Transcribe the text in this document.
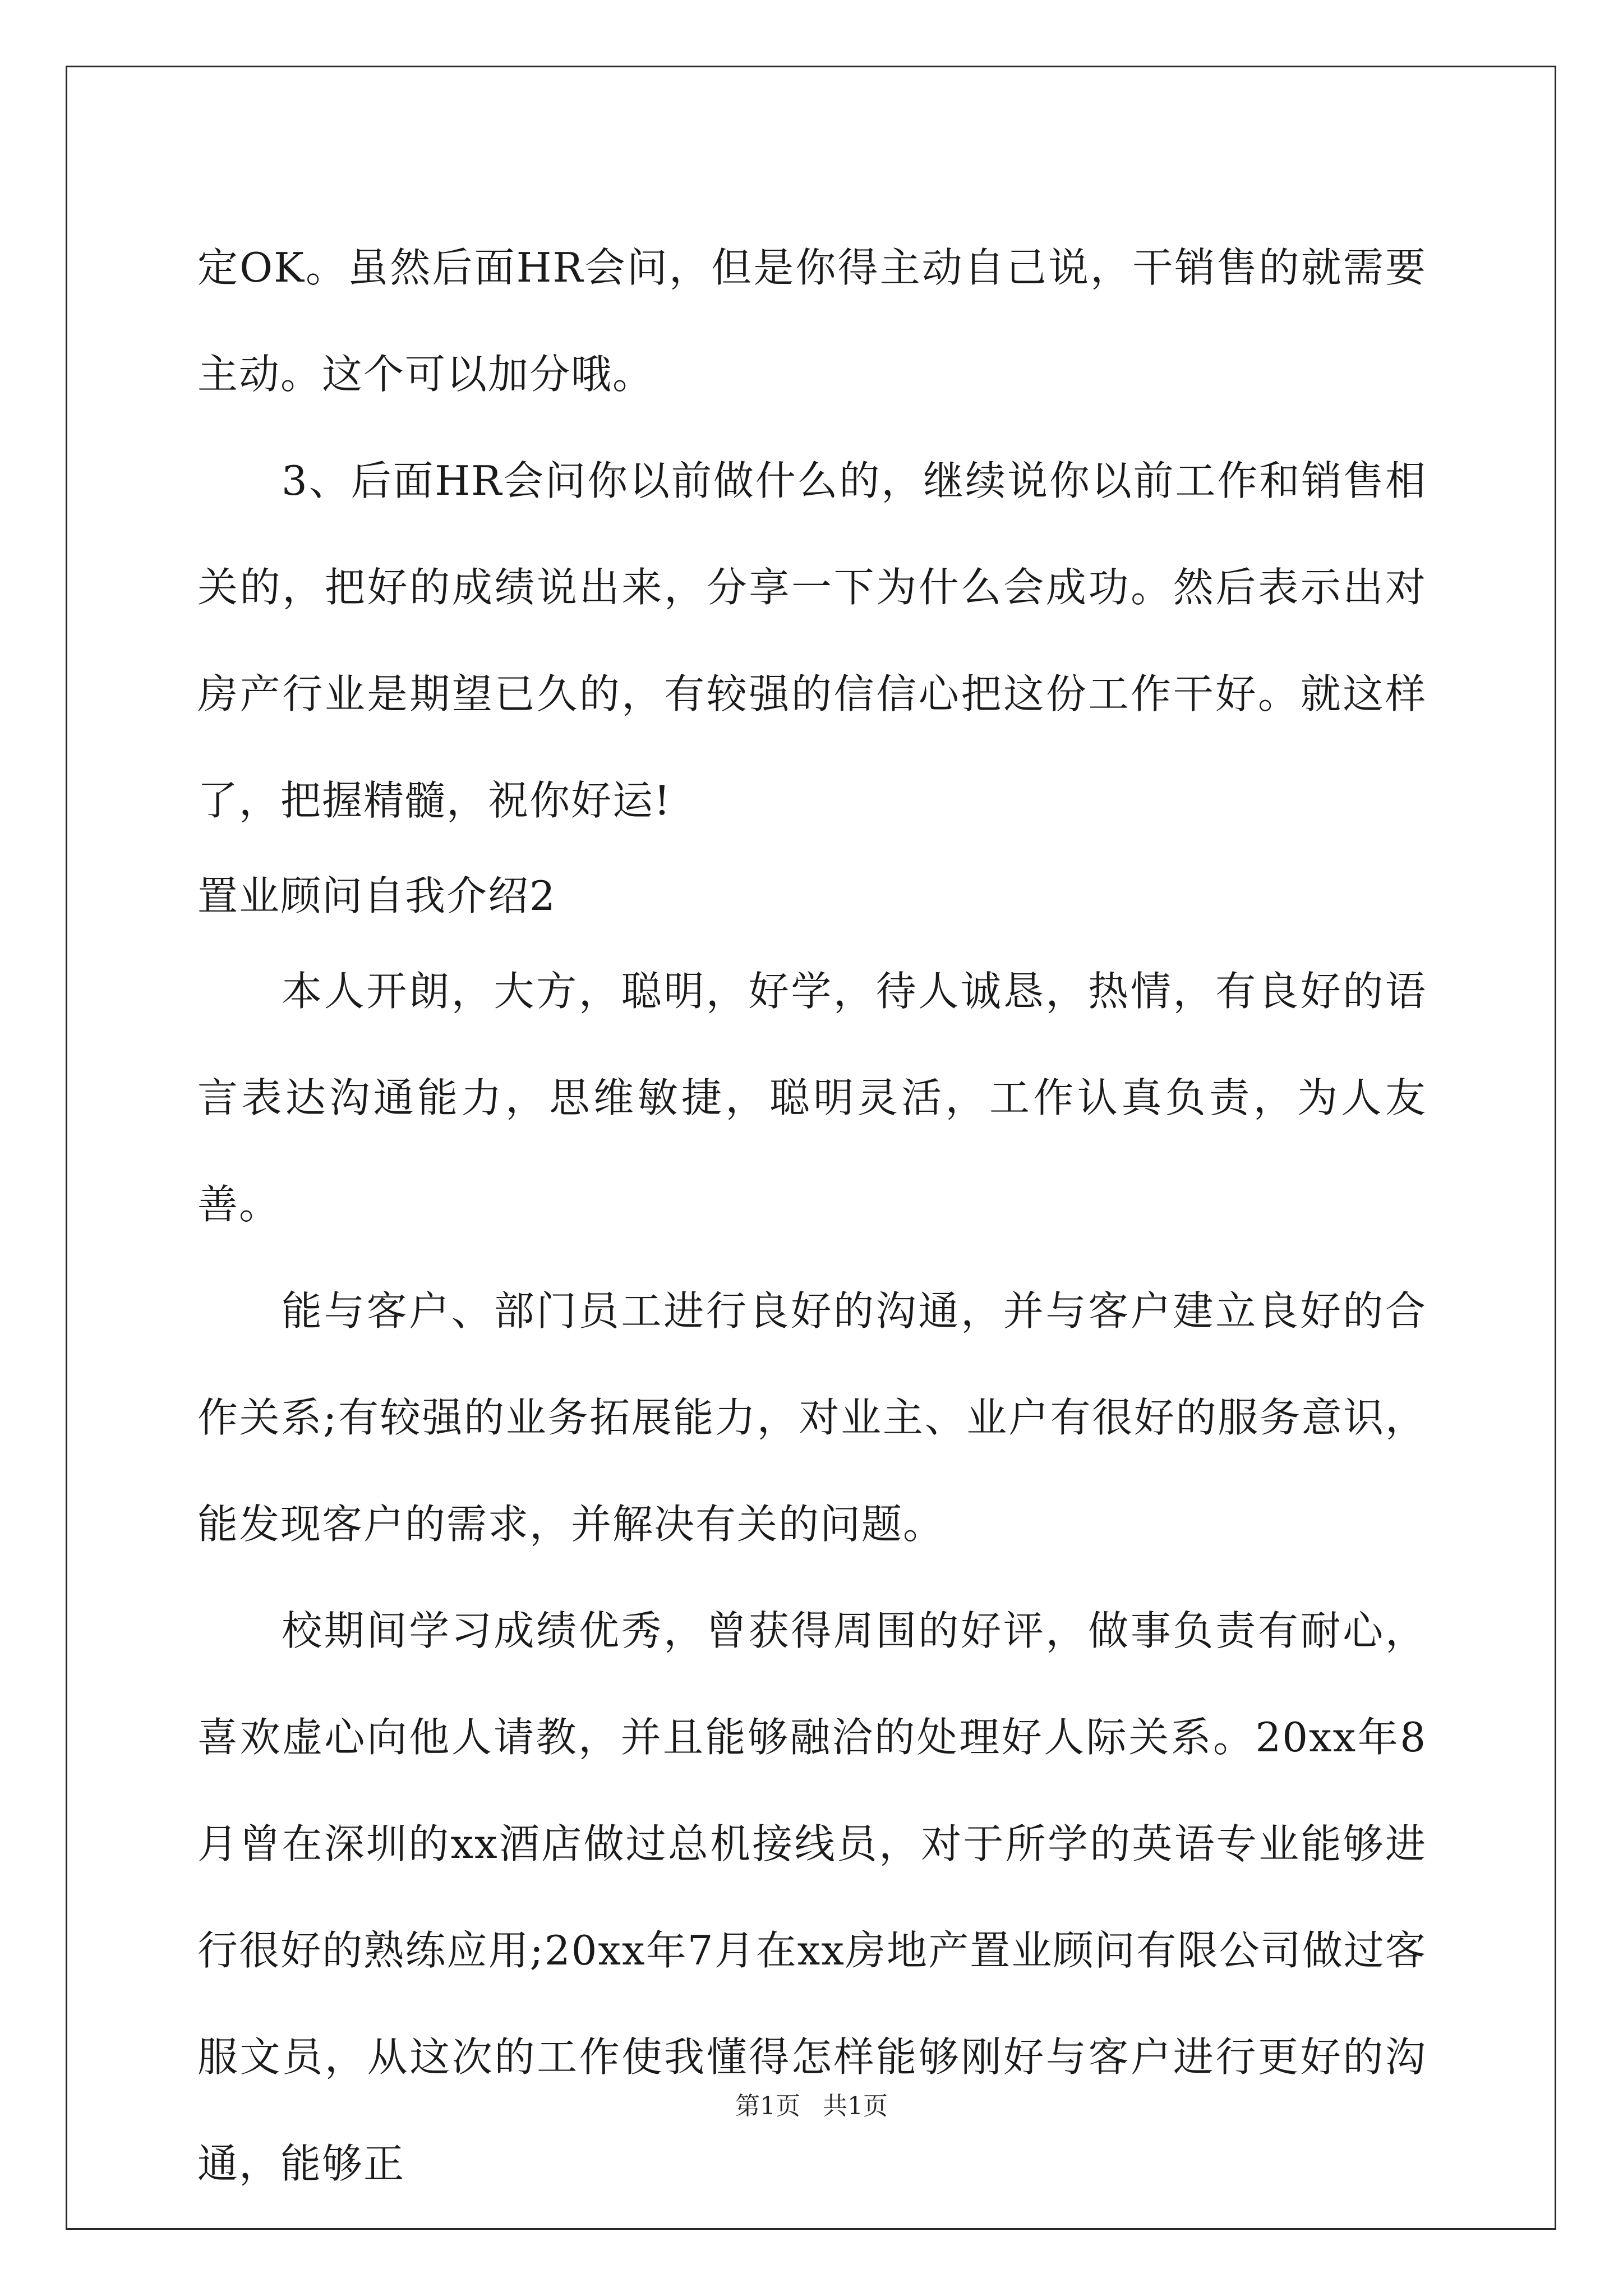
定OK。虽然后面HR会问，但是你得主动自己说，干销售的就需要主动。这个可以加分哦。

3、后面HR会问你以前做什么的，继续说你以前工作和销售相关的，把好的成绩说出来，分享一下为什么会成功。然后表示出对房产行业是期望已久的，有较强的信信心把这份工作干好。就这样了，把握精髓，祝你好运!

置业顾问自我介绍2

本人开朗，大方，聪明，好学，待人诚恳，热情，有良好的语言表达沟通能力，思维敏捷，聪明灵活，工作认真负责，为人友善。

能与客户、部门员工进行良好的沟通，并与客户建立良好的合作关系;有较强的业务拓展能力，对业主、业户有很好的服务意识，能发现客户的需求，并解决有关的问题。

校期间学习成绩优秀，曾获得周围的好评，做事负责有耐心，喜欢虚心向他人请教，并且能够融洽的处理好人际关系。20xx年8月曾在深圳的xx酒店做过总机接线员，对于所学的英语专业能够进行很好的熟练应用;20xx年7月在xx房地产置业顾问有限公司做过客服文员，从这次的工作使我懂得怎样能够刚好与客户进行更好的沟通，能够正

第1页 共1页
